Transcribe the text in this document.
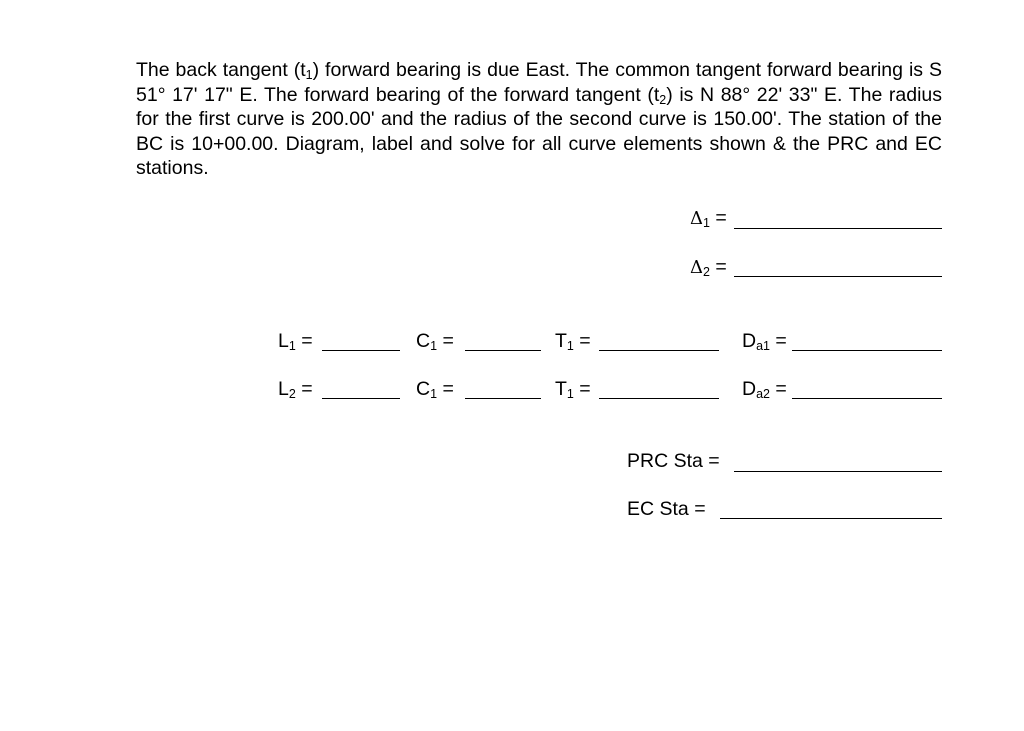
The back tangent $(t_1)$ forward bearing is due East. The common tangent forward bearing is S 51° 17' 17" E. The forward bearing of the forward tangent $(t_2)$ is N 88° 22' 33" E. The radius for the first curve is 200.00' and the radius of the second curve is 150.00'. The station of the BC is 10+00.00. Diagram, label and solve for all curve elements shown & the PRC and EC stations.

$\Delta_1$ =
$\Delta_2$ =
$L_1$ =	$C_1$ =	$T_1$ =	$D_{a1}$ =
$L_2$ =	$C_1$ =	$T_1$ =	$D_{a2}$ =
PRC Sta =
EC Sta =
